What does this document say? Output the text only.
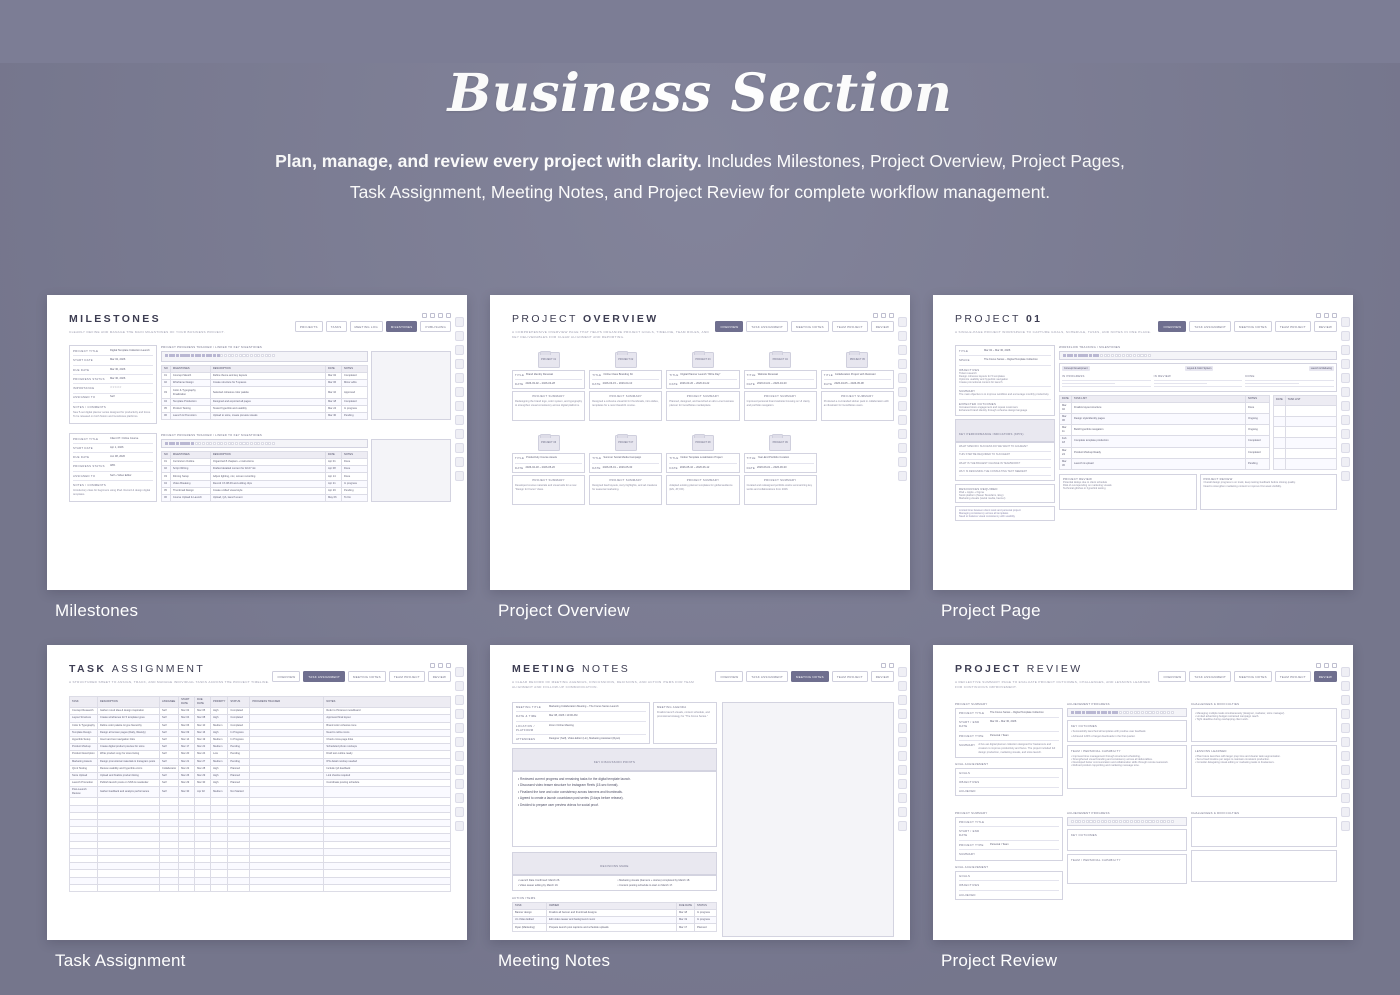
Business Section

Plan, manage, and review every project with clarity. Includes Milestones, Project Overview, Project Pages,
Task Assignment, Meeting Notes, and Project Review for complete workflow management.

MILESTONES
CLEARLY DEFINE AND MANAGE THE MAIN MILESTONES OF YOUR BUSINESS PROJECT.
PROJECTS	TASKS	MEETING LOG	MILESTONES	PUBLISHING
PROJECT TITLE	Digital Template Collection Launch
START DATE	Mar 02, 2026
DUE DATE	Mar 30, 2026
PROGRESS STATUS	Mar 30, 2026
IMPORTANCE	☆☆☆☆☆
ASSIGNED TO	Self
NOTES / COMMENTS
New 5-set digital planner series designed for productivity and focus. To be released on both Notion and Goodnotes platforms.
PROJECT PROGRESS TRACKER / LINKED TO KEY MILESTONES
NO	MILESTONES	DESCRIPTION	DATE	NOTES
01	Concept Sketch	Define theme and key layouts	Mar 02	Completed
02	Wireframe Design	Create structure for 5 spaces	Mar 06	Minor edits
03	Color & Typography Finalization	Selected cohesive color palette	Mar 10	Approved
04	Template Production	Designed and exported all pages	Mar 18	Completed
05	Product Testing	Tested hyperlink and usability	Mar 24	In progress
06	Launch & Promotion	Upload to store, create preview visuals	Mar 30	Pending
PROJECT TITLE	Client 07: Online Course
START DATE	Apr 1, 2026
DUE DATE	Jun 08, 2026
PROGRESS STATUS	48%
ASSIGNED TO	Self + Video Editor
NOTES / COMMENTS
Introductory class for beginners using iPad. Record & design digital templates.
PROJECT PROGRESS TRACKER / LINKED TO KEY MILESTONES
NO	MILESTONES	DESCRIPTION	DATE	NOTES
01	Curriculum Outline	Organized 8 chapters + instructions	Apr 01	Done
02	Script Writing	Drafted detailed content for 02-07 idx	Apr 08	Done
03	Filming Setup	Adjust lighting, mic, screen recording	Apr 14	Done
04	Video Breaking	Record Ch 08-09 and editing clips	Apr 21	In progress
05	Thumbnail Design	Create unified visual style	Apr 29	Pending
06	Course Upload & Launch	Upload, QA, launch event	May 06	To Do
Milestones
PROJECT OVERVIEW
A COMPREHENSIVE OVERVIEW PAGE THAT HELPS ORGANIZE PROJECT GOALS, TIMELINE, TEAM ROLES, AND KEY DELIVERABLES FOR CLEAR ALIGNMENT AND REPORTING.
OVERVIEW	TASK ASSIGNMENT	MEETING NOTES	TEAM PROJECT	REVIEW
PROJECT 01
TITLE Brand Identity Renewal
DATE 2026-03-02 ~ 2026-03-28
PROJECT SUMMARY
Redesigning the brand logo, color system, and typography to strengthen visual consistency across digital platforms.
PROJECT 02
TITLE Online Class Branding Kit
DATE 2026-03-15 ~ 2026-04-10
PROJECT SUMMARY
Designed a cohesive visual kit for thumbnails, intro slides, templates for a new Class101 course.
PROJECT 03
TITLE Digital Planner Launch "Write Day"
DATE 2026-03-20 ~ 2026-04-22
PROJECT SUMMARY
Planned, designed, and launched an all-in-one business planner for GoodNotes marketplace.
PROJECT 04
TITLE Website Renewal
DATE 2026-04-01 ~ 2026-04-30
PROJECT SUMMARY
Improved personal brand website focusing on UI clarity and portfolio navigation.
PROJECT 05
TITLE Collaboration Project with Illustrator
DATE 2026-04-05 ~ 2026-05-08
PROJECT SUMMARY
Produced a co-branded sticker pack in collaboration with an illustrator for GoodNotes users.
PROJECT 06
TITLE Productivity Course Assets
DATE 2026-04-18 ~ 2026-05-20
PROJECT SUMMARY
Developed course materials and visual aids for a new "Design for Focus" class.
PROJECT 07
TITLE Summer Social Media Campaign
DATE 2026-05-01 ~ 2026-05-30
PROJECT SUMMARY
Designed feed layouts, story highlights, and ad creatives for seasonal marketing.
PROJECT 08
TITLE Notion Template Localization Project
DATE 2026-05-10 ~ 2026-06-12
PROJECT SUMMARY
Adapted existing planner templates for global audience (EN, JP, KR).
PROJECT 09
TITLE Year-End Portfolio Curation
DATE 2026-06-01 ~ 2026-06-30
PROJECT SUMMARY
Curated and redesigned portfolio works summarizing key works and collaborations from 2026.
Project Overview
PROJECT 01
A SINGLE-PAGE PROJECT WORKSPACE TO CAPTURE GOALS, SCHEDULE, TASKS, AND NOTES IN ONE PLACE.
OVERVIEW	TASK ASSIGNMENT	MEETING NOTES	TEAM PROJECT	REVIEW
TITLE	Mar 02 ~ Mar 30, 2026
SPACE	The Focus Series – Digital Template Collection
OBJECTIVES
Ticket research
Design cohesive layouts for 5 templates
Optimize usability and hyperlink navigation
Create promotional content for launch
SUMMARY
The main objective is to improve workflow and encourage monthly productivity.
EXPECTED OUTCOMES
Increased store engagement and repeat customers
Enhanced brand identity through cohesive design language
KEY PERFORMANCE INDICATORS (KPIS)
WHAT SPECIFIC SUCCESS DO WE WANT TO ACHIEVE?
THIS STEP BE REQUIRED TO SUCCEED?
WHAT IS THE BIGGEST CHANGE IN TEAMWORK?
WHY IS DESIGNING THE CONSULTING TEXT NEEDED?
RESOURCES REQUIRED
iPad + Apple + Figma
Stock platform (Naver Storefarm, Etsy)
Marketing visuals (social media, banner)
Limited time between client work and personal project
Managing consistency across all templates
Need to balance visual consistency with usability
WORKFLOW TRACKING / MILESTONES
Concept Development	Layout & Color System	Launch & Marketing
IN PROGRESS	IN REVIEW	DONE
DATE	TASK LIST	NOTES
Mar 02	Finalize layout structure	Done
Mar 06	Design style/identity pages	Ongoing
Mar 11	Build hyperlink navigation	Ongoing
Feb 18	Complete template production	Completed
Mar 24	Product Mockup Ready	Completed
Mar 30	Launch & upload	Pending
DATE	TASK LIST

PROJECT REVIEW
Potential delays due to client schedule
Risk of overspending on marketing visuals
Technical glitches in hyperlink testing
PROJECT REVIEW
Overall design progress is on track, keep testing feedback before closing quality.
Need to strengthen marketing content to improve first week visibility.
Project Page
TASK ASSIGNMENT
A STRUCTURED SHEET TO ASSIGN, TRACK, AND MANAGE INDIVIDUAL TASKS ACROSS THE PROJECT TIMELINE.
OVERVIEW	TASK ASSIGNMENT	MEETING NOTES	TEAM PROJECT	REVIEW
TASK	DESCRIPTION	ASSIGNEE	START DATE	DUE DATE	PRIORITY	STATUS	PROGRESS TRACKER	NOTES
Concept Research	Gather mood idea & design inspiration	Self	Mar 02	Mar 05	High	Completed		Refer to Pinterest moodboard
Layout Structure	Create wireframes for 5 template types	Self	Mar 04	Mar 08	High	Completed		Approved final layout
Color & Typography	Define color palette & type hierarchy	Self	Mar 06	Mar 10	Medium	Completed		Brand color cohesive tone
Template Design	Design all screen pages (Daily, Weekly)	Self	Mar 09	Mar 16	High	In Progress		Need to refine icons
Hyperlink Setup	Insert and test navigation links	Self	Mar 14	Mar 19	Medium	In Progress		Check cross-page links
Product Mockup	Create digital product preview for store	Self	Mar 17	Mar 22	Medium	Pending		Scheduled photo mockups
Product Description	Write product copy for store listing	Self	Mar 20	Mar 24	Low	Pending		Draft text outline ready
Marketing Assets	Design promotional materials & Instagram posts	Self	Mar 21	Mar 27	Medium	Pending		IPG detail mockup needed
QA & Testing	Review usability and hyperlink errors	Collaborator	Mar 22	Mar 28	High	Planned		Include QA feedback
Store Upload	Upload and finalize product listing	Self	Mar 26	Mar 29	High	Planned		Link checks required
Launch Promotion	Publish launch posts on SNS & newsletter	Self	Mar 29	Mar 30	High	Planned		Coordinate posting schedule
Post-Launch Review	Gather feedback and analyze performance	Self	Mar 30	Apr 02	Medium	Not Started		

Task Assignment
MEETING NOTES
A CLEAR RECORD OF MEETING AGENDAS, DISCUSSIONS, DECISIONS, AND ACTION ITEMS FOR TEAM ALIGNMENT AND FOLLOW-UP COMMUNICATION.
OVERVIEW	TASK ASSIGNMENT	MEETING NOTES	TEAM PROJECT	REVIEW
MEETING TITLE	Marketing Collaboration Meeting – The Focus Series Launch
DATE & TIME	Mar 08, 2026 / 10:00 AM
LOCATION / PLATFORM
Zoom Online Meeting
ATTENDEES	Designer (Self), Video Editor (Lin), Marketing Assistant (Ryan)
MEETING AGENDA
Finalize launch visuals, content schedule, and promotional strategy for "The Focus Series."
KEY DISCUSSION POINTS
• Reviewed current progress and remaining tasks for the digital template launch.
• Discussed video teaser structure for Instagram Reels (15-sec format).
• Finalized the tone and color consistency across banners and thumbnails.
• Agreed to create a launch countdown post series (3 days before release).
• Decided to prepare user preview videos for social proof.
DECISIONS MADE
• Launch Date Confirmed: March 26.
• Video teaser editing by March 19.
• Marketing visuals (banners + stories) completed by March 18.
• Content posting schedule to start on March 17.
ACTION ITEMS
TASK	OWNER	DUE DATE	STATUS
Banner design	Finalize all banner and thumbnail designs	Mar 18	In progress
Jin Video Edited	Edit video teaser and background music	Mar 19	In progress
Ryan (Marketing)	Prepare launch post captions and schedule uploads	Mar 17	Planned
Meeting Notes
PROJECT REVIEW
A REFLECTIVE SUMMARY PAGE TO EVALUATE PROJECT OUTCOMES, CHALLENGES, AND LESSONS LEARNED FOR CONTINUOUS IMPROVEMENT.
OVERVIEW	TASK ASSIGNMENT	MEETING NOTES	TEAM PROJECT	REVIEW
PROJECT SUMMARY
PROJECT TITLE	The Focus Series – Digital Template Collection
START / END DATE
Mar 02 ~ Mar 30, 2026
PROJECT TYPE	Personal / Team
SUMMARY A five-set digital planner collection designed for freelancers and creators to improve productivity and focus. The project included full design production, marketing visuals, and store launch.
GOAL ACHIEVEMENT
GOALS

OBJECTIVES

ACHIEVED

ACHIEVEMENT PROGRESS
KEY OUTCOMES
• Successfully launched all templates with positive user feedback.
• Achieved 120% of target downloads in the first quarter.
TEAM / PERSONAL CAPABILITY
• Improved time management through structured scheduling.
• Strengthened visual branding and consistency across all deliverables.
• Developed better communication and collaboration skills through remote teamwork.
• Refined product copywriting and marketing message tone.
CHALLENGES & DIFFICULTIES
• Managing multiple tasks simultaneously (designer, marketer, store manager).
• Limited advertising budget restrained campaign reach.
• Tight deadline during overlapping client work.
LESSONS LEARNED
• Plan future launches with larger prep time and clearer task segmentation.
• Set a fixed timeline per target to maintain consistent production.
• Consider delegating visual editing or marketing tasks to freelancers.
PROJECT SUMMARY
PROJECT TITLE

START / END DATE

PROJECT TYPE	Personal / Team
SUMMARY

GOAL ACHIEVEMENT
GOALS

OBJECTIVES

ACHIEVED

ACHIEVEMENT PROGRESS
KEY OUTCOMES
TEAM / PERSONAL CAPABILITY
CHALLENGES & DIFFICULTIES
Project Review
